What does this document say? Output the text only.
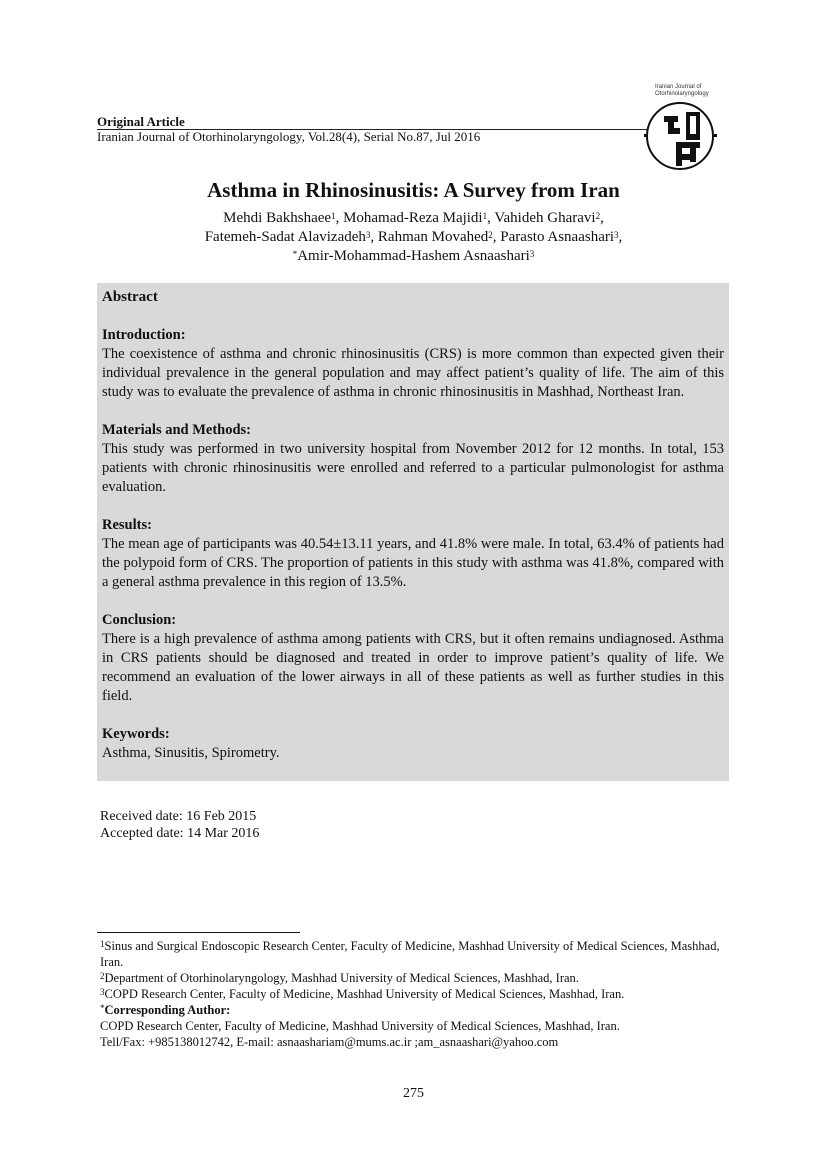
Original Article
Iranian Journal of Otorhinolaryngology, Vol.28(4), Serial No.87, Jul 2016
Iranian Journal of Otorhinolaryngology
Asthma in Rhinosinusitis: A Survey from Iran
Mehdi Bakhshaee$^1$, Mohamad-Reza Majidi$^1$, Vahideh Gharavi$^2$,
Fatemeh-Sadat Alavizadeh$^3$, Rahman Movahed$^2$, Parasto Asnaashari$^3$,
*Amir-Mohammad-Hashem Asnaashari$^3$
Abstract
Introduction:

The coexistence of asthma and chronic rhinosinusitis (CRS) is more common than expected given their individual prevalence in the general population and may affect patient’s quality of life. The aim of this study was to evaluate the prevalence of asthma in chronic rhinosinusitis in Mashhad, Northeast Iran.

Materials and Methods:

This study was performed in two university hospital from November 2012 for 12 months. In total, 153 patients with chronic rhinosinusitis were enrolled and referred to a particular pulmonologist for asthma evaluation.

Results:

The mean age of participants was 40.54±13.11 years, and 41.8% were male. In total, 63.4% of patients had the polypoid form of CRS. The proportion of patients in this study with asthma was 41.8%, compared with a general asthma prevalence in this region of 13.5%.

Conclusion:

There is a high prevalence of asthma among patients with CRS, but it often remains undiagnosed. Asthma in CRS patients should be diagnosed and treated in order to improve patient’s quality of life. We recommend an evaluation of the lower airways in all of these patients as well as further studies in this field.

Keywords:

Asthma, Sinusitis, Spirometry.

Received date: 16 Feb 2015
Accepted date: 14 Mar 2016
$^1$Sinus and Surgical Endoscopic Research Center, Faculty of Medicine, Mashhad University of Medical Sciences, Mashhad, Iran.
$^2$Department of Otorhinolaryngology, Mashhad University of Medical Sciences, Mashhad, Iran.
$^3$COPD Research Center, Faculty of Medicine, Mashhad University of Medical Sciences, Mashhad, Iran.
*Corresponding Author:
COPD Research Center, Faculty of Medicine, Mashhad University of Medical Sciences, Mashhad, Iran.
Tell/Fax: +985138012742, E-mail: asnaashariam@mums.ac.ir ;am_asnaashari@yahoo.com
275
